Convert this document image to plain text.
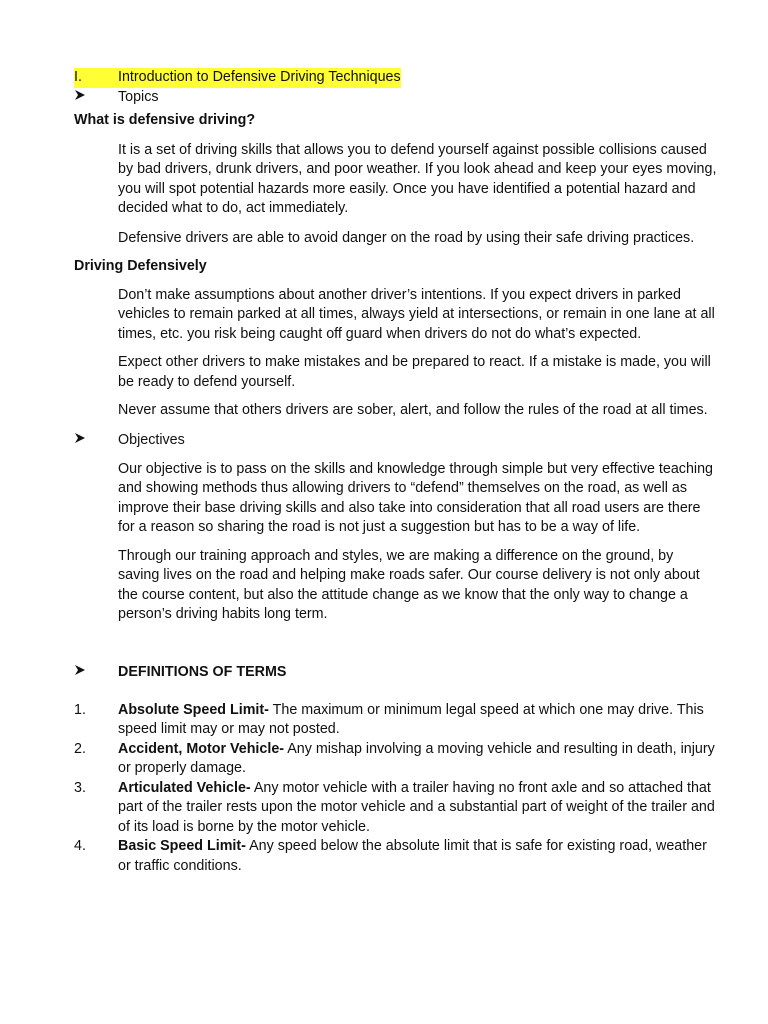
I.	Introduction to Defensive Driving Techniques
Topics
What is defensive driving?

It is a set of driving skills that allows you to defend yourself against possible collisions caused by bad drivers, drunk drivers, and poor weather. If you look ahead and keep your eyes moving, you will spot potential hazards more easily. Once you have identified a potential hazard and decided what to do, act immediately.

Defensive drivers are able to avoid danger on the road by using their safe driving practices.

Driving Defensively

Don’t make assumptions about another driver’s intentions. If you expect drivers in parked vehicles to remain parked at all times, always yield at intersections, or remain in one lane at all times, etc. you risk being caught off guard when drivers do not do what’s expected.

Expect other drivers to make mistakes and be prepared to react. If a mistake is made, you will be ready to defend yourself.

Never assume that others drivers are sober, alert, and follow the rules of the road at all times.

Objectives

Our objective is to pass on the skills and knowledge through simple but very effective teaching and showing methods thus allowing drivers to “defend” themselves on the road, as well as improve their base driving skills and also take into consideration that all road users are there for a reason so sharing the road is not just a suggestion but has to be a way of life.

Through our training approach and styles, we are making a difference on the ground, by saving lives on the road and helping make roads safer. Our course delivery is not only about the course content, but also the attitude change as we know that the only way to change a person’s driving habits long term.

DEFINITIONS OF TERMS
1. Absolute Speed Limit- The maximum or minimum legal speed at which one may drive. This speed limit may or may not posted.
2. Accident, Motor Vehicle- Any mishap involving a moving vehicle and resulting in death, injury or properly damage.
3. Articulated Vehicle- Any motor vehicle with a trailer having no front axle and so attached that part of the trailer rests upon the motor vehicle and a substantial part of weight of the trailer and of its load is borne by the motor vehicle.
4. Basic Speed Limit- Any speed below the absolute limit that is safe for existing road, weather or traffic conditions.
